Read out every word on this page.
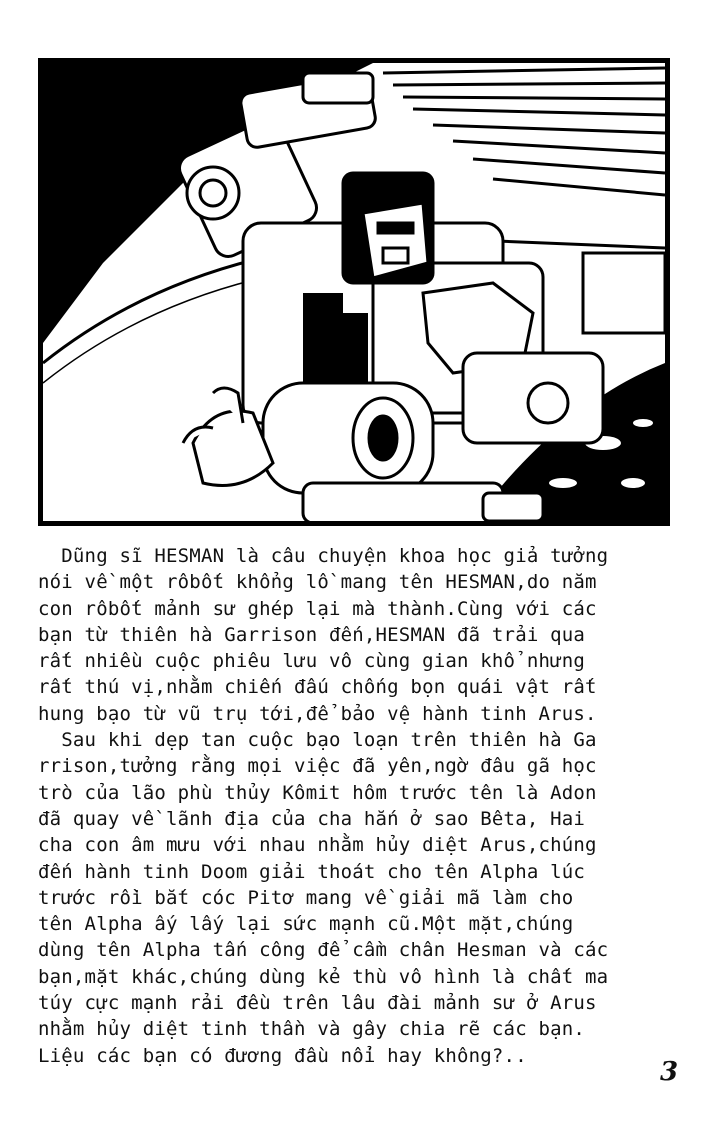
Dũng sĩ HESMAN là câu chuyện khoa học giả tưởng
nói về một rôbốt khổng lồ mang tên HESMAN,do năm
con rôbốt mảnh sư ghép lại mà thành.Cùng với các
bạn từ thiên hà Garrison đến,HESMAN đã trải qua
rất nhiều cuộc phiêu lưu vô cùng gian khổ nhưng
rất thú vị,nhằm chiến đấu chống bọn quái vật rất
hung bạo từ vũ trụ tới,để bảo vệ hành tinh Arus.
Sau khi dẹp tan cuộc bạo loạn trên thiên hà Ga
rrison,tưởng rằng mọi việc đã yên,ngờ đâu gã học
trò của lão phù thủy Kômit hôm trước tên là Adon
đã quay về lãnh địa của cha hắn ở sao Bêta, Hai
cha con âm mưu với nhau nhằm hủy diệt Arus,chúng
đến hành tinh Doom giải thoát cho tên Alpha lúc
trước rồi bắt cóc Pitơ mang về giải mã làm cho
tên Alpha ấy lấy lại sức mạnh cũ.Một mặt,chúng
dùng tên Alpha tấn công để cầm chân Hesman và các
bạn,mặt khác,chúng dùng kẻ thù vô hình là chất ma
túy cực mạnh rải đều trên lâu đài mảnh sư ở Arus
nhằm hủy diệt tinh thần và gây chia rẽ các bạn.
Liệu các bạn có đương đầu nổi hay không?..
3
